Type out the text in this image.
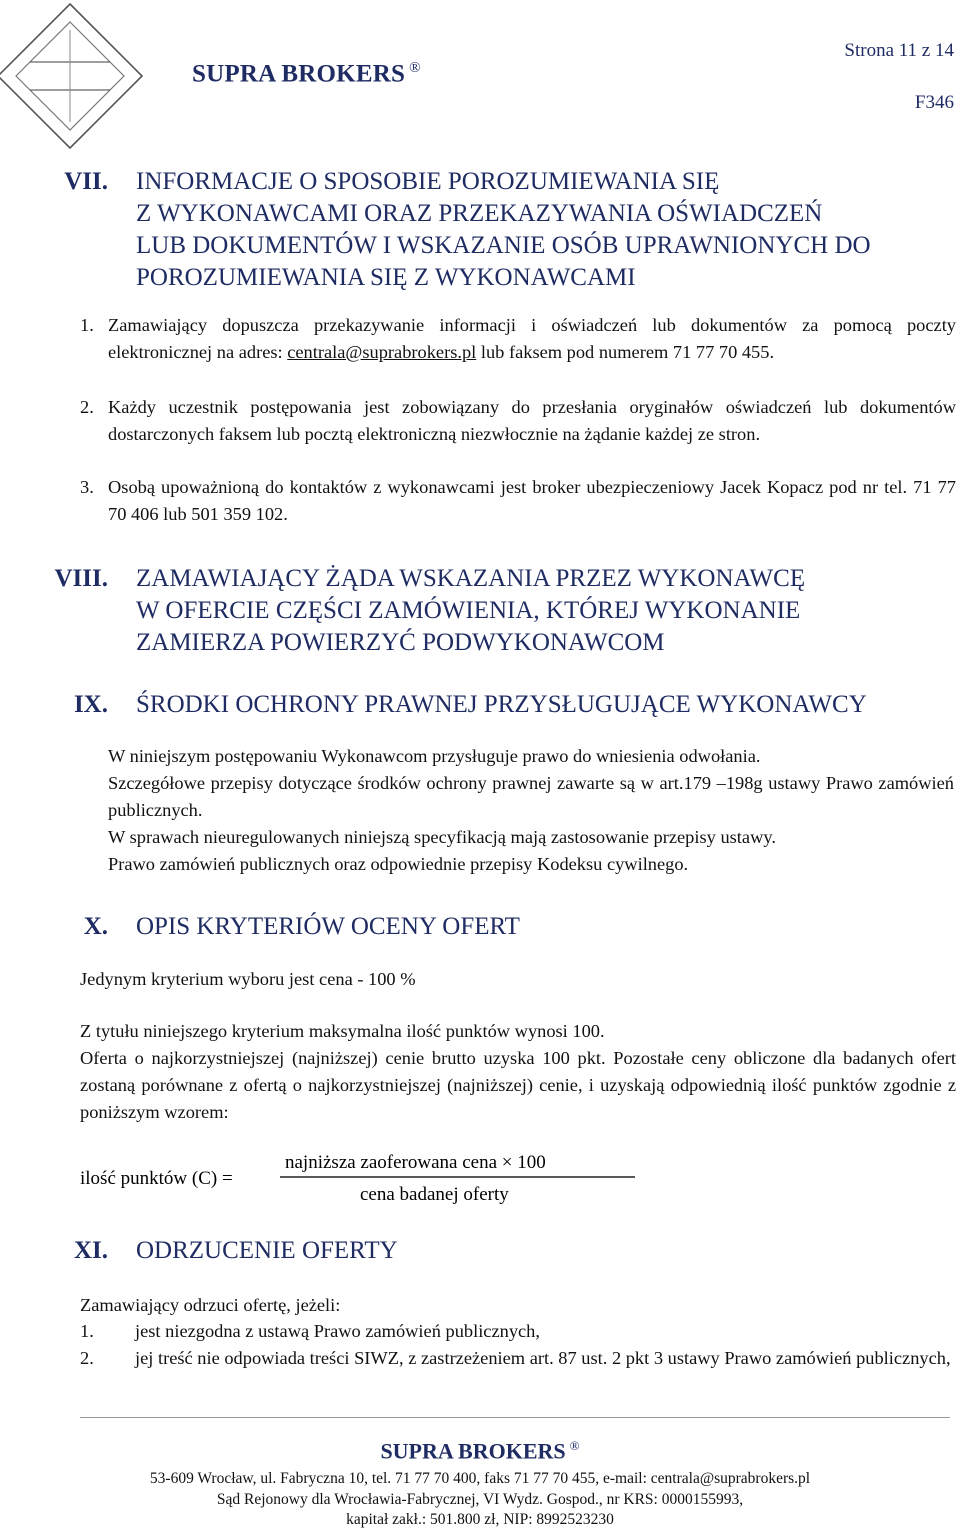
SUPRA BROKERS ®
Strona 11 z 14
F346
VII. INFORMACJE O SPOSOBIE POROZUMIEWANIA SIĘ
Z WYKONAWCAMI ORAZ PRZEKAZYWANIA OŚWIADCZEŃ
LUB DOKUMENTÓW I WSKAZANIE OSÓB UPRAWNIONYCH DO
POROZUMIEWANIA SIĘ Z WYKONAWCAMI
1. Zamawiający dopuszcza przekazywanie informacji i oświadczeń lub dokumentów za pomocą poczty elektronicznej na adres: centrala@suprabrokers.pl lub faksem pod numerem 71 77 70 455.
2. Każdy uczestnik postępowania jest zobowiązany do przesłania oryginałów oświadczeń lub dokumentów dostarczonych faksem lub pocztą elektroniczną niezwłocznie na żądanie każdej ze stron.
3. Osobą upoważnioną do kontaktów z wykonawcami jest broker ubezpieczeniowy Jacek Kopacz pod nr tel. 71 77 70 406 lub 501 359 102.
VIII. ZAMAWIAJĄCY ŻĄDA WSKAZANIA PRZEZ WYKONAWCĘ
W OFERCIE CZĘŚCI ZAMÓWIENIA, KTÓREJ WYKONANIE
ZAMIERZA POWIERZYĆ PODWYKONAWCOM
IX. ŚRODKI OCHRONY PRAWNEJ PRZYSŁUGUJĄCE WYKONAWCY
W niniejszym postępowaniu Wykonawcom przysługuje prawo do wniesienia odwołania.
Szczegółowe przepisy dotyczące środków ochrony prawnej zawarte są w art.179 –198g ustawy Prawo zamówień publicznych.
W sprawach nieuregulowanych niniejszą specyfikacją mają zastosowanie przepisy ustawy.
Prawo zamówień publicznych oraz odpowiednie przepisy Kodeksu cywilnego.
X. OPIS KRYTERIÓW OCENY OFERT
Jedynym kryterium wyboru jest cena - 100 %
Z tytułu niniejszego kryterium maksymalna ilość punktów wynosi 100.
Oferta o najkorzystniejszej (najniższej) cenie brutto uzyska 100 pkt. Pozostałe ceny obliczone dla badanych ofert zostaną porównane z ofertą o najkorzystniejszej (najniższej) cenie, i uzyskają odpowiednią ilość punktów zgodnie z poniższym wzorem:
ilość punktów (C) =
najniższa zaoferowana cena × 100
cena badanej oferty
XI. ODRZUCENIE OFERTY
Zamawiający odrzuci ofertę, jeżeli:
1.	jest niezgodna z ustawą Prawo zamówień publicznych,
2.	jej treść nie odpowiada treści SIWZ, z zastrzeżeniem art. 87 ust. 2 pkt 3 ustawy Prawo zamówień publicznych,
SUPRA BROKERS ®
53-609 Wrocław, ul. Fabryczna 10, tel. 71 77 70 400, faks 71 77 70 455, e-mail: centrala@suprabrokers.pl
Sąd Rejonowy dla Wrocławia-Fabrycznej, VI Wydz. Gospod., nr KRS: 0000155993,
kapitał zakł.: 501.800 zł, NIP: 8992523230
